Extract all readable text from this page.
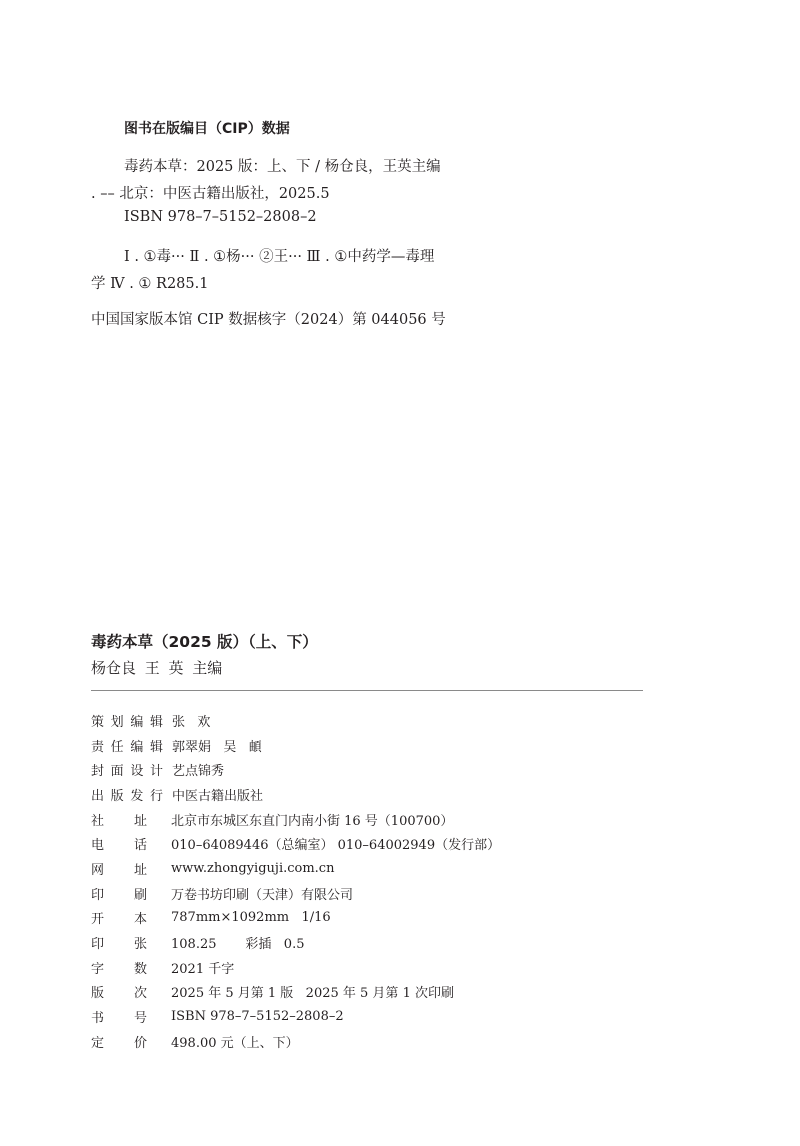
图书在版编目（CIP）数据
毒药本草：2025 版：上、下 / 杨仓良，王英主编
. –– 北京：中医古籍出版社，2025.5
ISBN 978–7–5152–2808–2
Ⅰ . ①毒··· Ⅱ . ①杨··· ②王··· Ⅲ . ①中药学—毒理
学 Ⅳ . ① R285.1
中国国家版本馆 CIP 数据核字（2024）第 044056 号
毒药本草（2025 版）（上、下）
杨仓良 王 英 主编
策 划 编 辑 张   欢
责 任 编 辑 郭翠娟   吴   頔
封 面 设 计 艺点锦秀
出 版 发 行 中医古籍出版社
社 址 北京市东城区东直门内南小街 16 号（100700）
电 话 010–64089446（总编室） 010–64002949（发行部）
网 址 www.zhongyiguji.com.cn
印 刷 万卷书坊印刷（天津）有限公司
开 本 787mm×1092mm   1/16
印 张 108.25       彩插   0.5
字 数 2021 千字
版 次 2025 年 5 月第 1 版   2025 年 5 月第 1 次印刷
书 号 ISBN 978–7–5152–2808–2
定 价 498.00 元（上、下）
